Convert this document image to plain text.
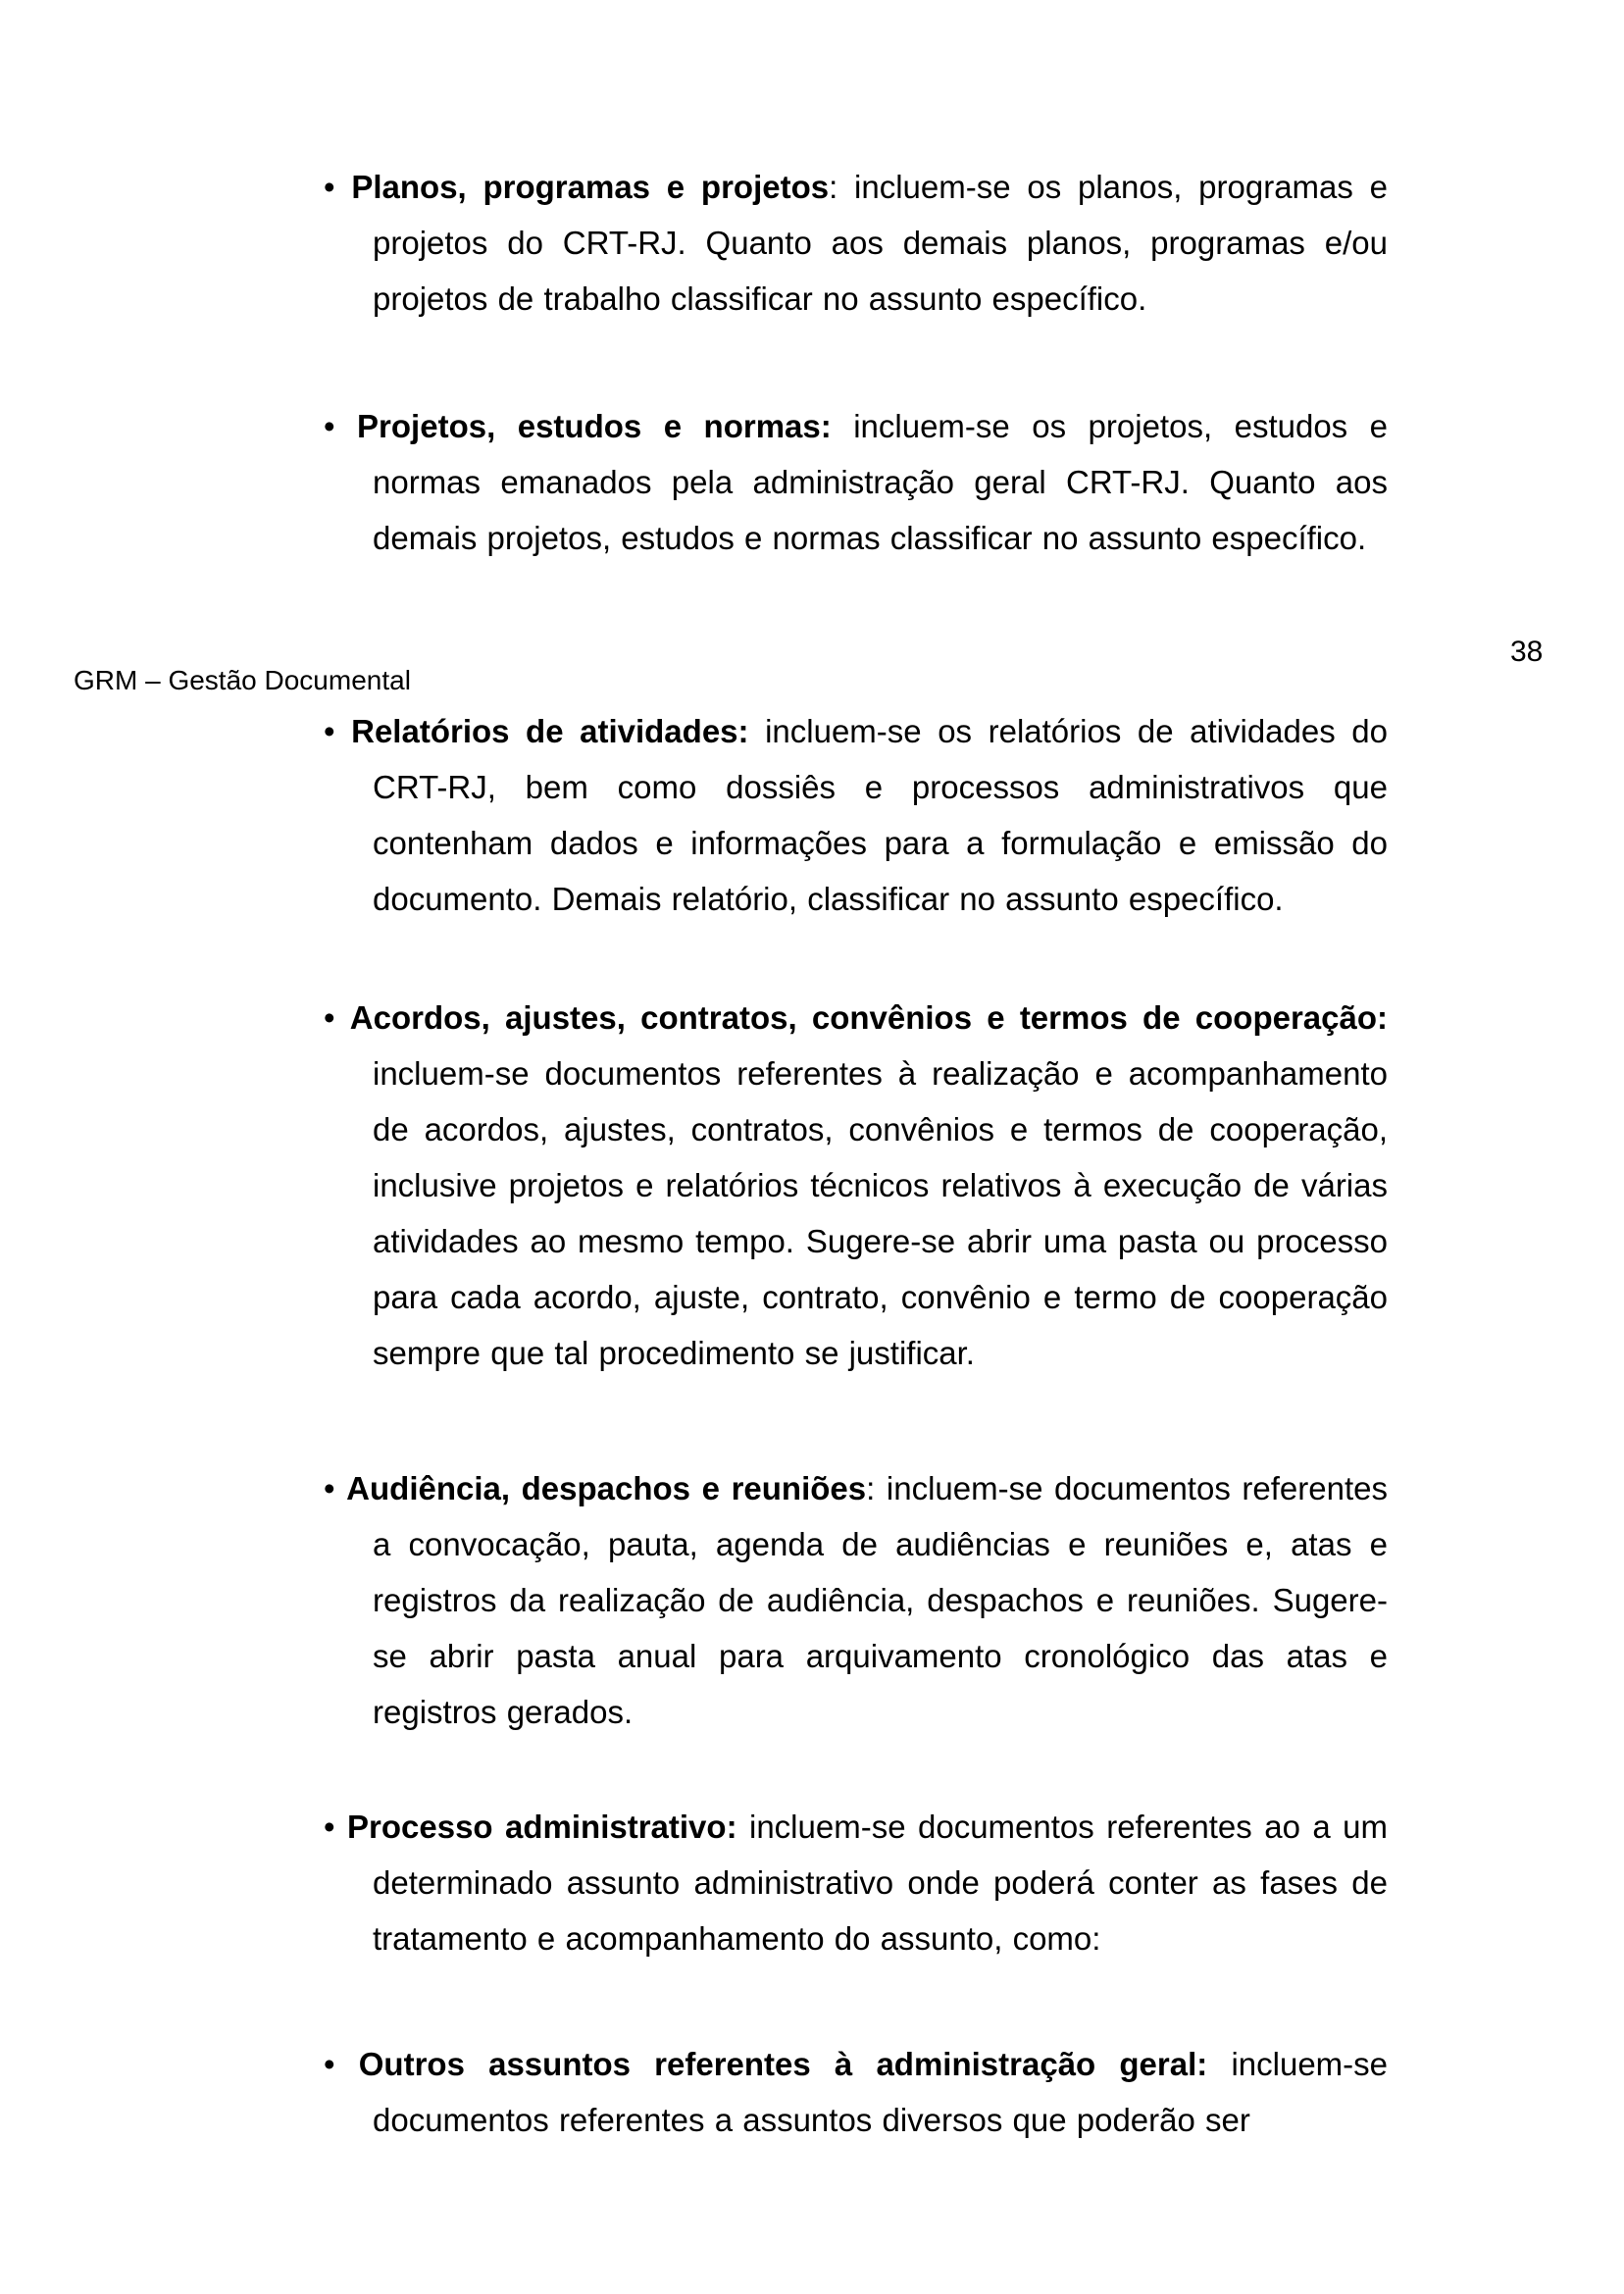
• Planos, programas e projetos: incluem-se os planos, programas e projetos do CRT-RJ. Quanto aos demais planos, programas e/ou projetos de trabalho classificar no assunto específico.
• Projetos, estudos e normas: incluem-se os projetos, estudos e normas emanados pela administração geral CRT-RJ. Quanto aos demais projetos, estudos e normas classificar no assunto específico.
38
GRM – Gestão Documental
• Relatórios de atividades: incluem-se os relatórios de atividades do CRT-RJ, bem como dossiês e processos administrativos que contenham dados e informações para a formulação e emissão do documento. Demais relatório, classificar no assunto específico.
• Acordos, ajustes, contratos, convênios e termos de cooperação: incluem-se documentos referentes à realização e acompanhamento de acordos, ajustes, contratos, convênios e termos de cooperação, inclusive projetos e relatórios técnicos relativos à execução de várias atividades ao mesmo tempo. Sugere-se abrir uma pasta ou processo para cada acordo, ajuste, contrato, convênio e termo de cooperação sempre que tal procedimento se justificar.
• Audiência, despachos e reuniões: incluem-se documentos referentes a convocação, pauta, agenda de audiências e reuniões e, atas e registros da realização de audiência, despachos e reuniões. Sugere-se abrir pasta anual para arquivamento cronológico das atas e registros gerados.
• Processo administrativo: incluem-se documentos referentes ao a um determinado assunto administrativo onde poderá conter as fases de tratamento e acompanhamento do assunto, como:
• Outros assuntos referentes à administração geral: incluem-se documentos referentes a assuntos diversos que poderão ser
